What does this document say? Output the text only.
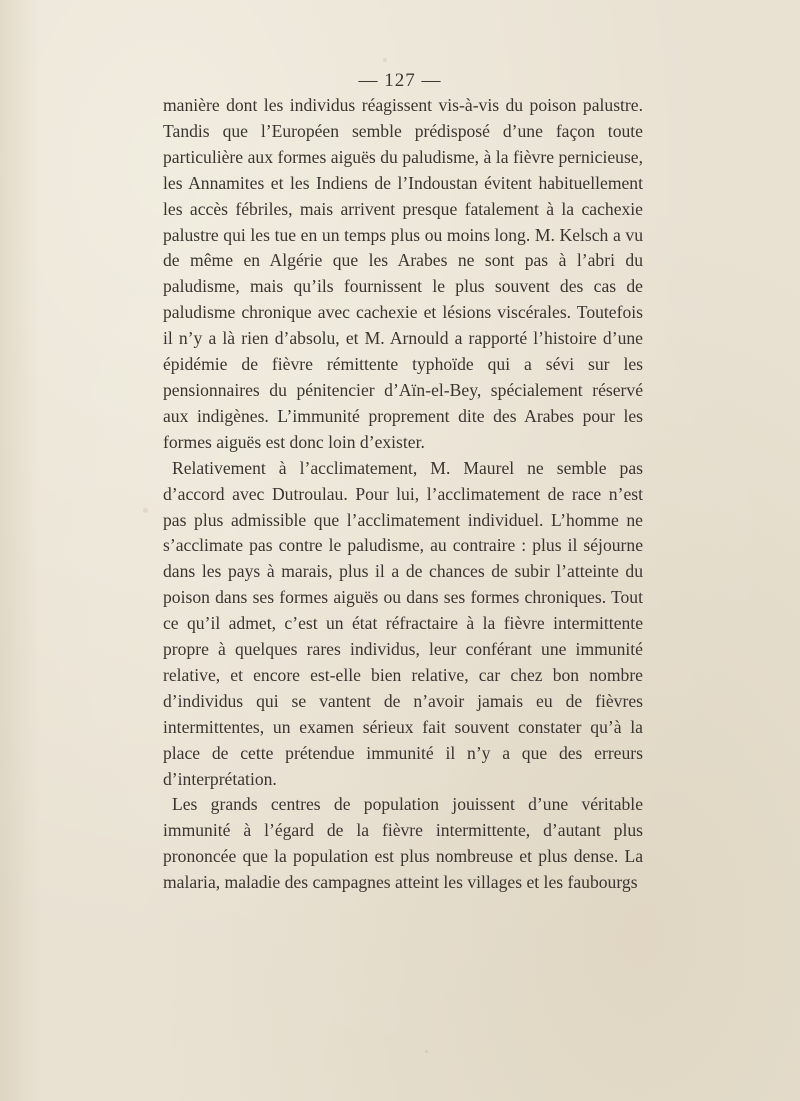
— 127 —

manière dont les individus réagissent vis-à-vis du poison palustre. Tandis que l’Européen semble prédisposé d’une façon toute particulière aux formes aiguës du paludisme, à la fièvre pernicieuse, les Annamites et les Indiens de l’Indoustan évitent habituellement les accès fébriles, mais arrivent presque fatalement à la cachexie palustre qui les tue en un temps plus ou moins long. M. Kelsch a vu de même en Algérie que les Arabes ne sont pas à l’abri du paludisme, mais qu’ils fournissent le plus souvent des cas de paludisme chronique avec cachexie et lésions viscérales. Toutefois il n’y a là rien d’absolu, et M. Arnould a rapporté l’histoire d’une épidémie de fièvre rémittente typhoïde qui a sévi sur les pensionnaires du pénitencier d’Aïn-el-Bey, spécialement réservé aux indigènes. L’immunité proprement dite des Arabes pour les formes aiguës est donc loin d’exister.

Relativement à l’acclimatement, M. Maurel ne semble pas d’accord avec Dutroulau. Pour lui, l’acclimatement de race n’est pas plus admissible que l’acclimatement individuel. L’homme ne s’acclimate pas contre le paludisme, au contraire : plus il séjourne dans les pays à marais, plus il a de chances de subir l’atteinte du poison dans ses formes aiguës ou dans ses formes chroniques. Tout ce qu’il admet, c’est un état réfractaire à la fièvre intermittente propre à quelques rares individus, leur conférant une immunité relative, et encore est-elle bien relative, car chez bon nombre d’individus qui se vantent de n’avoir jamais eu de fièvres intermittentes, un examen sérieux fait souvent constater qu’à la place de cette prétendue immunité il n’y a que des erreurs d’interprétation.

Les grands centres de population jouissent d’une véritable immunité à l’égard de la fièvre intermittente, d’autant plus prononcée que la population est plus nombreuse et plus dense. La malaria, maladie des campagnes atteint les villages et les faubourgs
